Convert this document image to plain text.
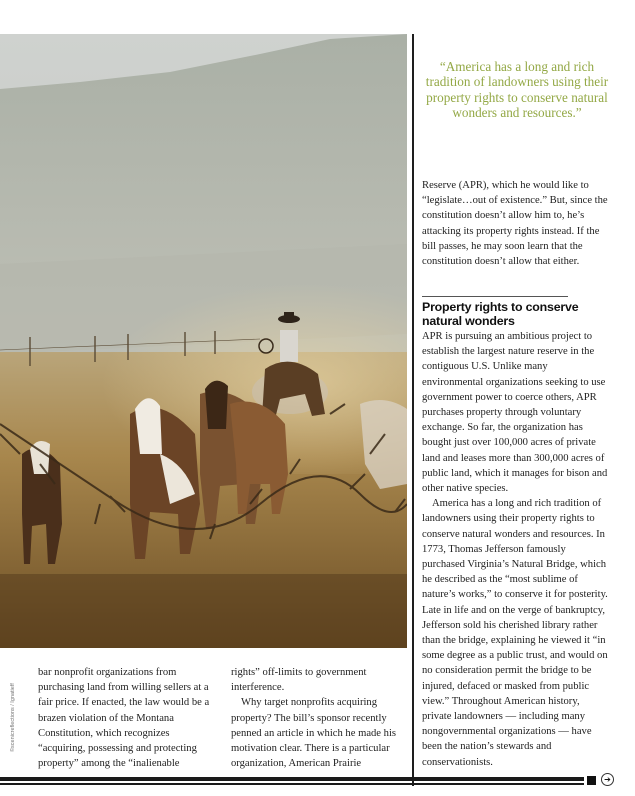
“America has a long and rich tradition of landowners using their property rights to conserve natural wonders and resources.”

Reserve (APR), which he would like to “legislate…out of existence.” But, since the constitution doesn’t allow him to, he’s attacking its property rights instead. If the bill passes, he may soon learn that the constitution doesn’t allow that either.

Property rights to conserve natural wonders

APR is pursuing an ambitious project to establish the largest nature reserve in the contiguous U.S. Unlike many environmental organizations seeking to use government power to coerce others, APR purchases property through voluntary exchange. So far, the organization has bought just over 100,000 acres of private land and leases more than 300,000 acres of public land, which it manages for bison and other native species.

America has a long and rich tradition of landowners using their property rights to conserve natural wonders and resources. In 1773, Thomas Jefferson famously purchased Virginia’s Natural Bridge, which he described as the “most sublime of nature’s works,” to conserve it for posterity. Late in life and on the verge of bankruptcy, Jefferson sold his cherished library rather than the bridge, explaining he viewed it “in some degree as a public trust, and would on no consideration permit the bridge to be injured, defaced or masked from public view.” Throughout American history, private landowners — including many nongovernmental organizations — have been the nation’s stewards and conservationists.

bar nonprofit organizations from purchasing land from willing sellers at a fair price. If enacted, the law would be a brazen violation of the Montana Constitution, which recognizes “acquiring, possessing and protecting property” among the “inalienable

rights” off-limits to government interference.

Why target nonprofits acquiring property? The bill’s sponsor recently penned an article in which he made his motivation clear. There is a particular organization, American Prairie

©scenicreflections / Ignatieff
➔
